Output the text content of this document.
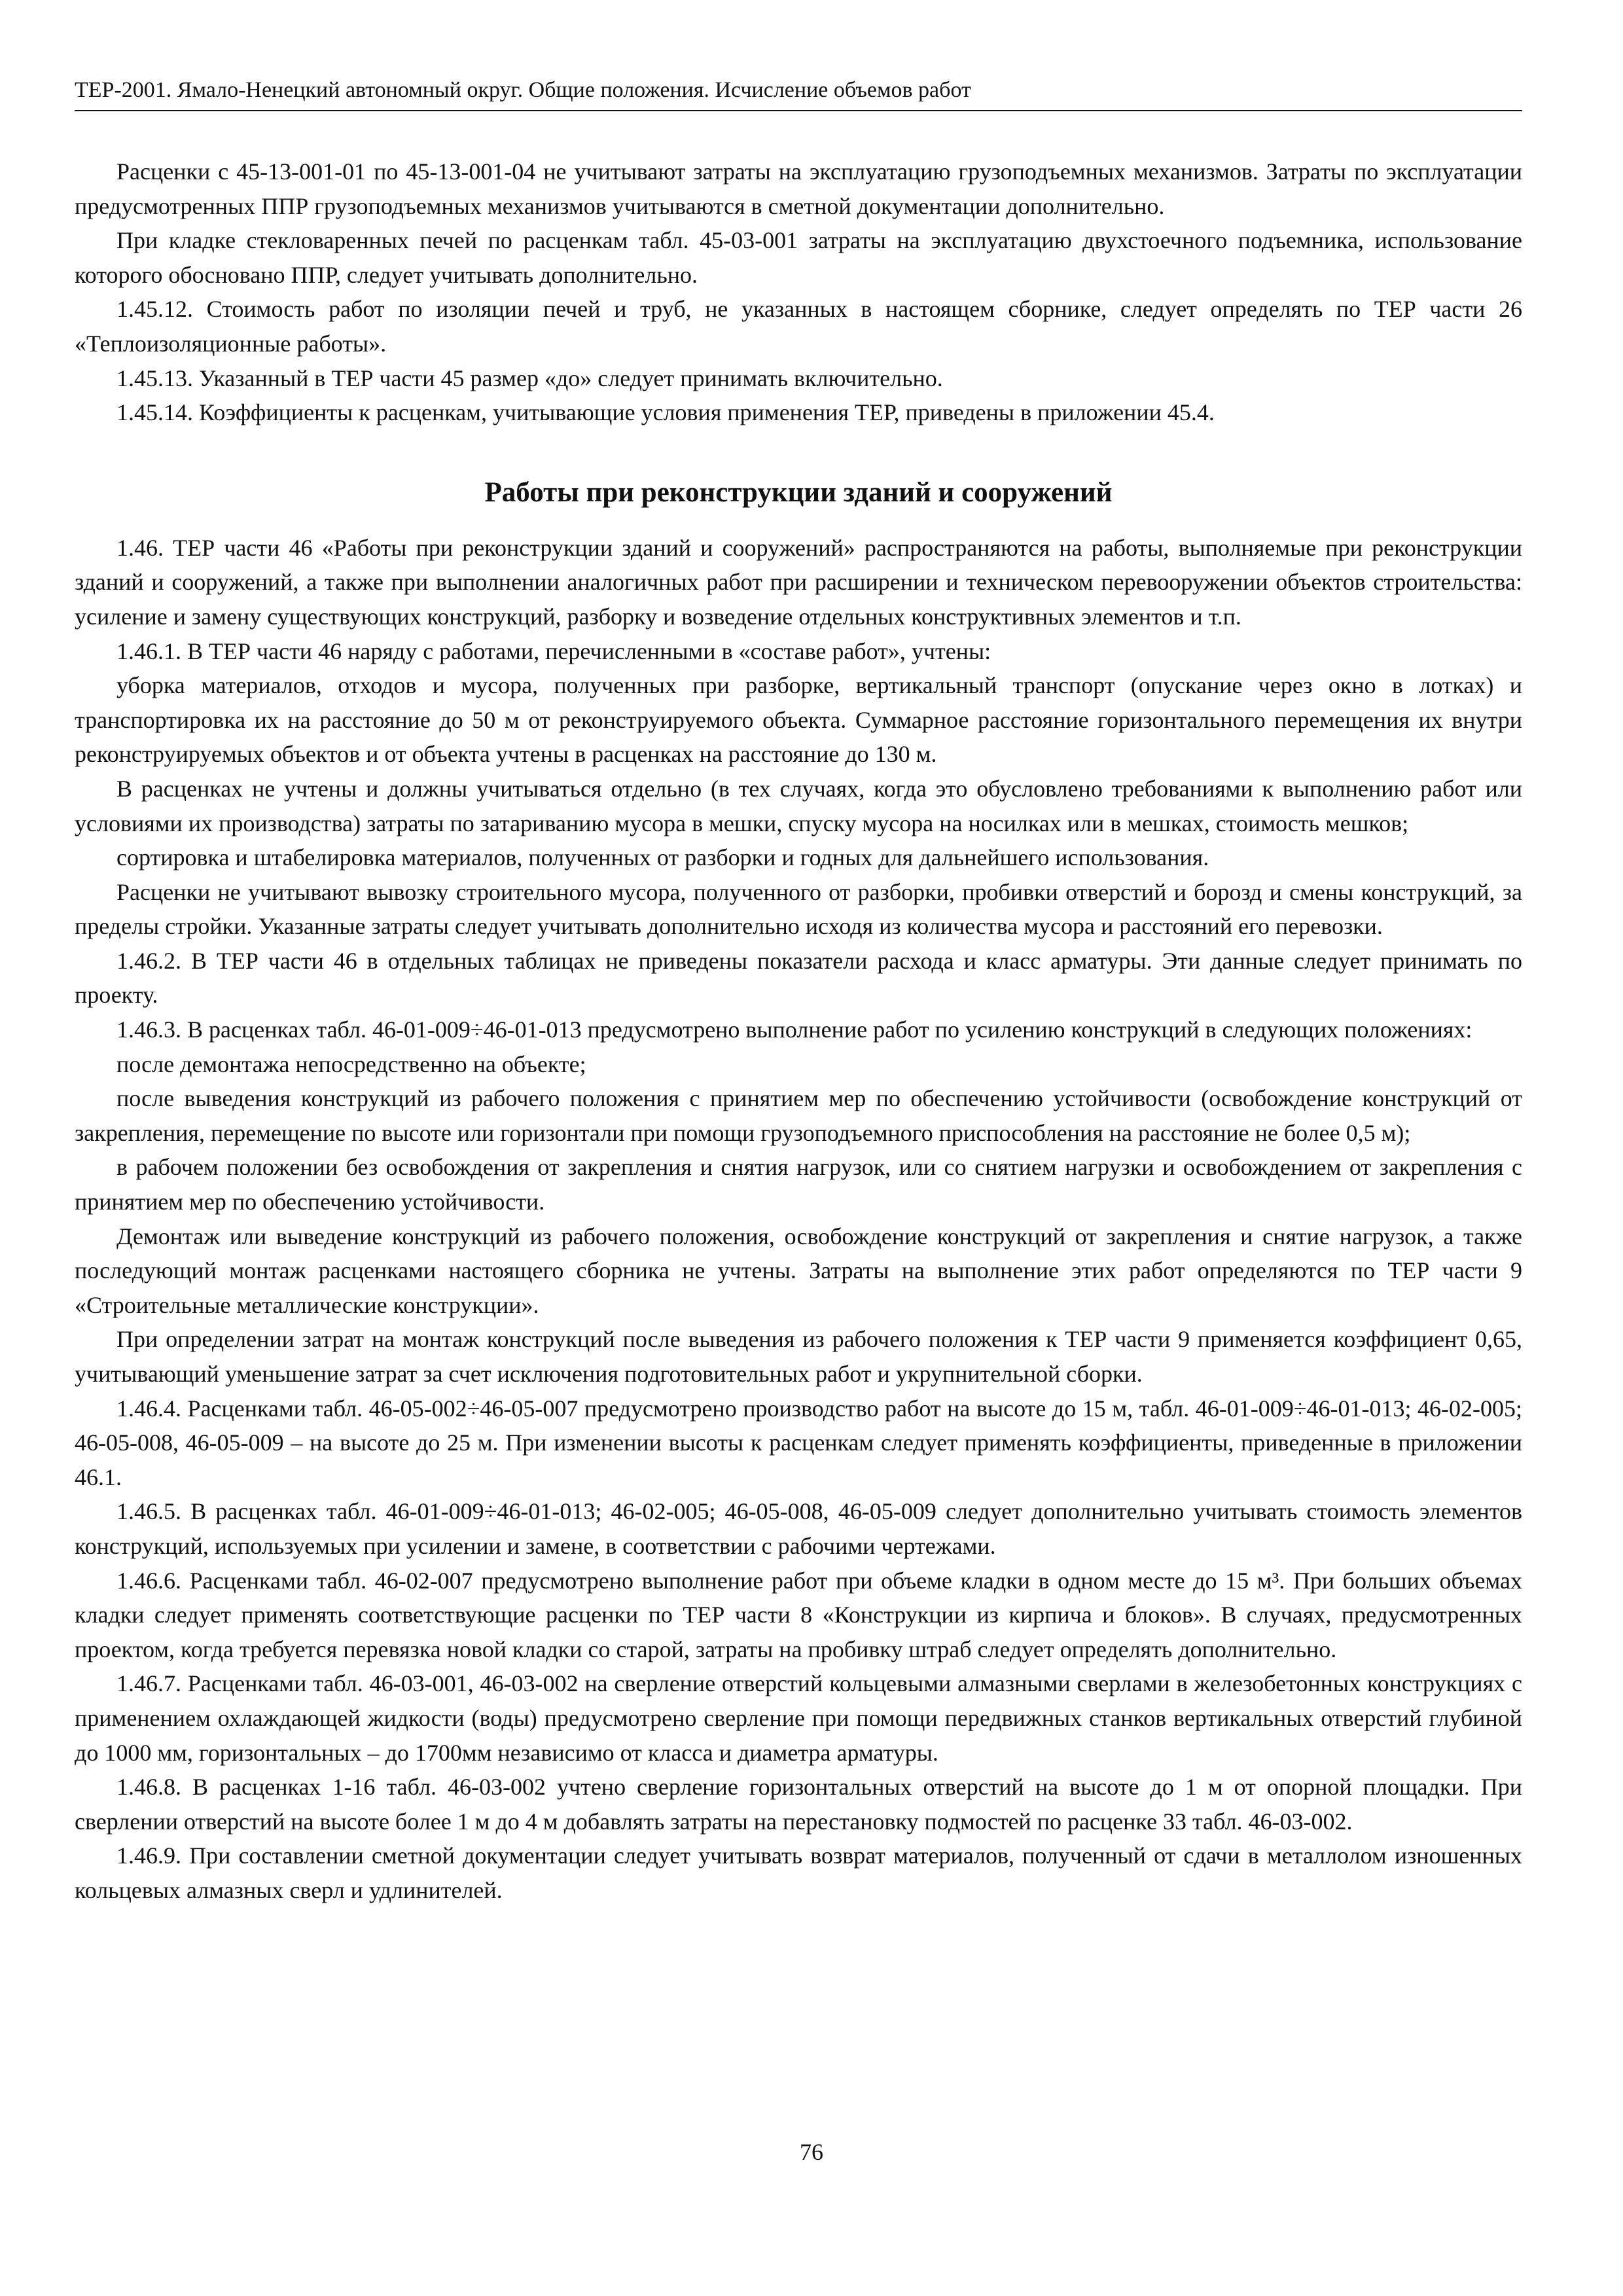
ТЕР-2001. Ямало-Ненецкий автономный округ. Общие положения. Исчисление объемов работ

Расценки с 45-13-001-01 по 45-13-001-04 не учитывают затраты на эксплуатацию грузоподъемных механизмов. Затраты по эксплуатации предусмотренных ППР грузоподъемных механизмов учитываются в сметной документации дополнительно.

При кладке стекловаренных печей по расценкам табл. 45-03-001 затраты на эксплуатацию двухстоечного подъемника, использование которого обосновано ППР, следует учитывать дополнительно.

1.45.12. Стоимость работ по изоляции печей и труб, не указанных в настоящем сборнике, следует определять по ТЕР части 26 «Теплоизоляционные работы».

1.45.13. Указанный в ТЕР части 45 размер «до» следует принимать включительно.

1.45.14. Коэффициенты к расценкам, учитывающие условия применения ТЕР, приведены в приложении 45.4.

Работы при реконструкции зданий и сооружений

1.46. ТЕР части 46 «Работы при реконструкции зданий и сооружений» распространяются на работы, выполняемые при реконструкции зданий и сооружений, а также при выполнении аналогичных работ при расширении и техническом перевооружении объектов строительства: усиление и замену существующих конструкций, разборку и возведение отдельных конструктивных элементов и т.п.

1.46.1. В ТЕР части 46 наряду с работами, перечисленными в «составе работ», учтены:

уборка материалов, отходов и мусора, полученных при разборке, вертикальный транспорт (опускание через окно в лотках) и транспортировка их на расстояние до 50 м от реконструируемого объекта. Суммарное расстояние горизонтального перемещения их внутри реконструируемых объектов и от объекта учтены в расценках на расстояние до 130 м.

В расценках не учтены и должны учитываться отдельно (в тех случаях, когда это обусловлено требованиями к выполнению работ или условиями их производства) затраты по затариванию мусора в мешки, спуску мусора на носилках или в мешках, стоимость мешков;

сортировка и штабелировка материалов, полученных от разборки и годных для дальнейшего использования.

Расценки не учитывают вывозку строительного мусора, полученного от разборки, пробивки отверстий и борозд и смены конструкций, за пределы стройки. Указанные затраты следует учитывать дополнительно исходя из количества мусора и расстояний его перевозки.

1.46.2. В ТЕР части 46 в отдельных таблицах не приведены показатели расхода и класс арматуры. Эти данные следует принимать по проекту.

1.46.3. В расценках табл. 46-01-009÷46-01-013 предусмотрено выполнение работ по усилению конструкций в следующих положениях:

после демонтажа непосредственно на объекте;

после выведения конструкций из рабочего положения с принятием мер по обеспечению устойчивости (освобождение конструкций от закрепления, перемещение по высоте или горизонтали при помощи грузоподъемного приспособления на расстояние не более 0,5 м);

в рабочем положении без освобождения от закрепления и снятия нагрузок, или со снятием нагрузки и освобождением от закрепления с принятием мер по обеспечению устойчивости.

Демонтаж или выведение конструкций из рабочего положения, освобождение конструкций от закрепления и снятие нагрузок, а также последующий монтаж расценками настоящего сборника не учтены. Затраты на выполнение этих работ определяются по ТЕР части 9 «Строительные металлические конструкции».

При определении затрат на монтаж конструкций после выведения из рабочего положения к ТЕР части 9 применяется коэффициент 0,65, учитывающий уменьшение затрат за счет исключения подготовительных работ и укрупнительной сборки.

1.46.4. Расценками табл. 46-05-002÷46-05-007 предусмотрено производство работ на высоте до 15 м, табл. 46-01-009÷46-01-013; 46-02-005; 46-05-008, 46-05-009 – на высоте до 25 м. При изменении высоты к расценкам следует применять коэффициенты, приведенные в приложении 46.1.

1.46.5. В расценках табл. 46-01-009÷46-01-013; 46-02-005; 46-05-008, 46-05-009 следует дополнительно учитывать стоимость элементов конструкций, используемых при усилении и замене, в соответствии с рабочими чертежами.

1.46.6. Расценками табл. 46-02-007 предусмотрено выполнение работ при объеме кладки в одном месте до 15 м³. При больших объемах кладки следует применять соответствующие расценки по ТЕР части 8 «Конструкции из кирпича и блоков». В случаях, предусмотренных проектом, когда требуется перевязка новой кладки со старой, затраты на пробивку штраб следует определять дополнительно.

1.46.7. Расценками табл. 46-03-001, 46-03-002 на сверление отверстий кольцевыми алмазными сверлами в железобетонных конструкциях с применением охлаждающей жидкости (воды) предусмотрено сверление при помощи передвижных станков вертикальных отверстий глубиной до 1000 мм, горизонтальных – до 1700мм независимо от класса и диаметра арматуры.

1.46.8. В расценках 1-16 табл. 46-03-002 учтено сверление горизонтальных отверстий на высоте до 1 м от опорной площадки. При сверлении отверстий на высоте более 1 м до 4 м добавлять затраты на перестановку подмостей по расценке 33 табл. 46-03-002.

1.46.9. При составлении сметной документации следует учитывать возврат материалов, полученный от сдачи в металлолом изношенных кольцевых алмазных сверл и удлинителей.

76
